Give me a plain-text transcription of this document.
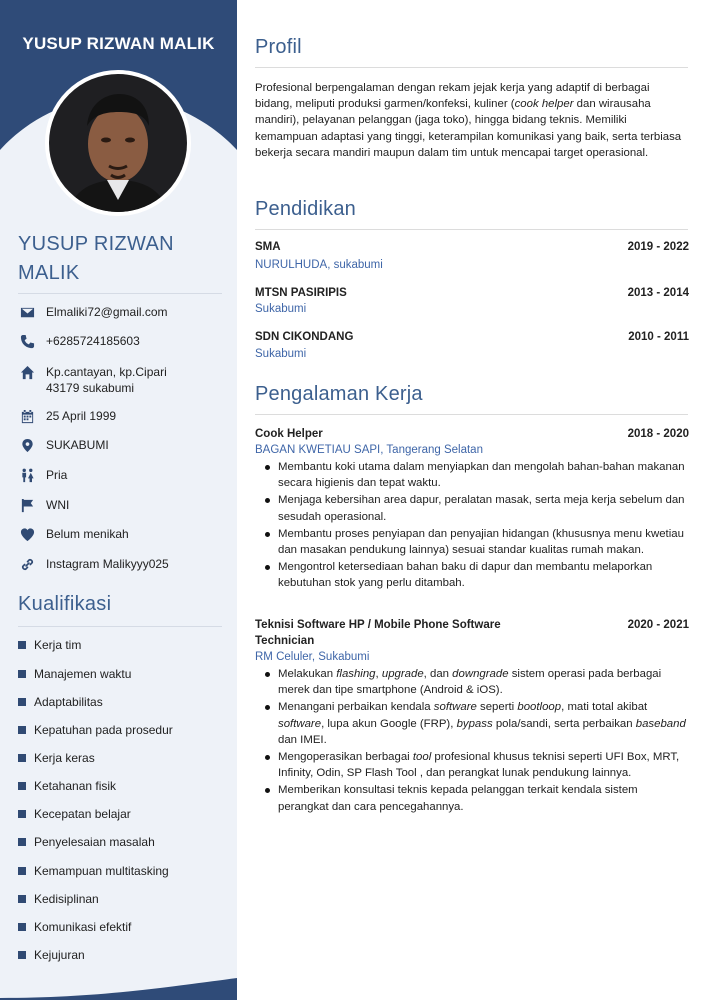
YUSUP RIZWAN MALIK
YUSUP RIZWAN MALIK
Elmaliki72@gmail.com
+6285724185603
Kp.cantayan, kp.Cipari 43179 sukabumi
25 April 1999
SUKABUMI
Pria
WNI
Belum menikah
Instagram Malikyyy025
Kualifikasi
Kerja tim
Manajemen waktu
Adaptabilitas
Kepatuhan pada prosedur
Kerja keras
Ketahanan fisik
Kecepatan belajar
Penyelesaian masalah
Kemampuan multitasking
Kedisiplinan
Komunikasi efektif
Kejujuran
Profil
Profesional berpengalaman dengan rekam jejak kerja yang adaptif di berbagai bidang, meliputi produksi garmen/konfeksi, kuliner (cook helper dan wirausaha mandiri), pelayanan pelanggan (jaga toko), hingga bidang teknis. Memiliki kemampuan adaptasi yang tinggi, keterampilan komunikasi yang baik, serta terbiasa bekerja secara mandiri maupun dalam tim untuk mencapai target operasional.
Pendidikan
SMA	2019 - 2022
NURULHUDA, sukabumi
MTSN PASIRIPIS	2013 - 2014
Sukabumi
SDN CIKONDANG	2010 - 2011
Sukabumi
Pengalaman Kerja
Cook Helper	2018 - 2020
BAGAN KWETIAU SAPI, Tangerang Selatan
Membantu koki utama dalam menyiapkan dan mengolah bahan-bahan makanan secara higienis dan tepat waktu.
Menjaga kebersihan area dapur, peralatan masak, serta meja kerja sebelum dan sesudah operasional.
Membantu proses penyiapan dan penyajian hidangan (khususnya menu kwetiau dan masakan pendukung lainnya) sesuai standar kualitas rumah makan.
Mengontrol ketersediaan bahan baku di dapur dan membantu melaporkan kebutuhan stok yang perlu ditambah.
Teknisi Software HP / Mobile Phone Software
Technician
2020 - 2021
RM Celuler, Sukabumi
Melakukan flashing, upgrade, dan downgrade sistem operasi pada berbagai merek dan tipe smartphone (Android & iOS).
Menangani perbaikan kendala software seperti bootloop, mati total akibat software, lupa akun Google (FRP), bypass pola/sandi, serta perbaikan baseband dan IMEI.
Mengoperasikan berbagai tool profesional khusus teknisi seperti UFI Box, MRT, Infinity, Odin, SP Flash Tool , dan perangkat lunak pendukung lainnya.
Memberikan konsultasi teknis kepada pelanggan terkait kendala sistem perangkat dan cara pencegahannya.
